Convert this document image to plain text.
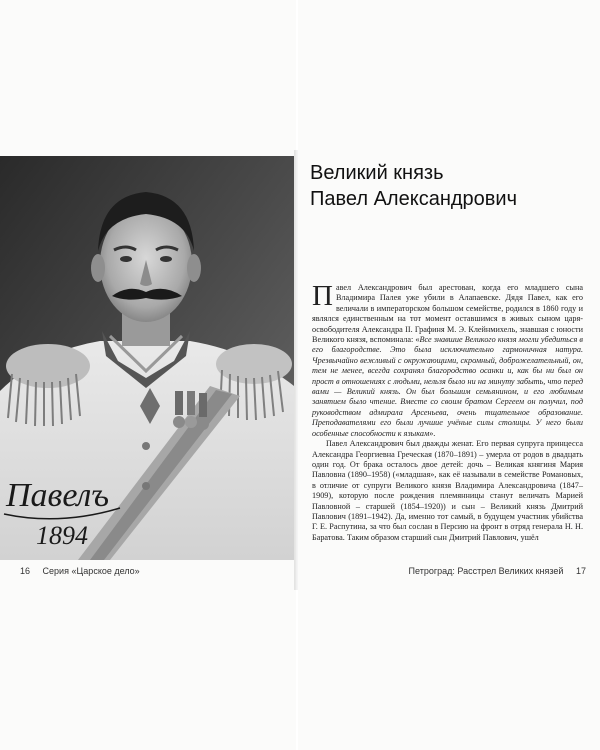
Павелъ
1894
16 Серия «Царское дело»
Великий князь
Павел Александрович

Павел Александрович был арестован, когда его младшего сына Владимира Палея уже убили в Алапаевске. Дядя Павел, как его величали в императорском большом семействе, родился в 1860 году и являлся единственным на тот момент оставшимся в живых сыном царя-освободителя Александра II. Графиня М. Э. Клейнмихель, знавшая с юности Великого князя, вспоминала: «Все знавшие Великого князя могли убедиться в его благородстве. Это была исключительно гармоничная натура. Чрезвычайно вежливый с окружающими, скромный, доброжелательный, он, тем не менее, всегда сохранял благородство осанки и, как бы ни был он прост в отношениях с людьми, нельзя было ни на минуту забыть, что перед вами — Великий князь. Он был большим семьянином, и его любимым занятием было чтение. Вместе со своим братом Сергеем он получил, под руководством адмирала Арсеньева, очень тщательное образование. Преподавателями его были лучшие учёные силы столицы. У него были особенные способности к языкам».

Павел Александрович был дважды женат. Его первая супруга принцесса Александра Георгиевна Греческая (1870–1891) – умерла от родов в двадцать один год. От брака осталось двое детей: дочь – Великая княгиня Мария Павловна (1890–1958) («младшая», как её называли в семействе Романовых, в отличие от супруги Великого князя Владимира Александровича (1847–1909), которую после рождения племянницы станут величать Марией Павловной – старшей (1854–1920)) и сын – Великий князь Дмитрий Павлович (1891–1942). Да, именно тот самый, в будущем участник убийства Г. Е. Распутина, за что был сослан в Персию на фронт в отряд генерала Н. Н. Баратова. Таким образом старший сын Дмитрий Павлович, ушёл

Петроград: Расстрел Великих князей 17
